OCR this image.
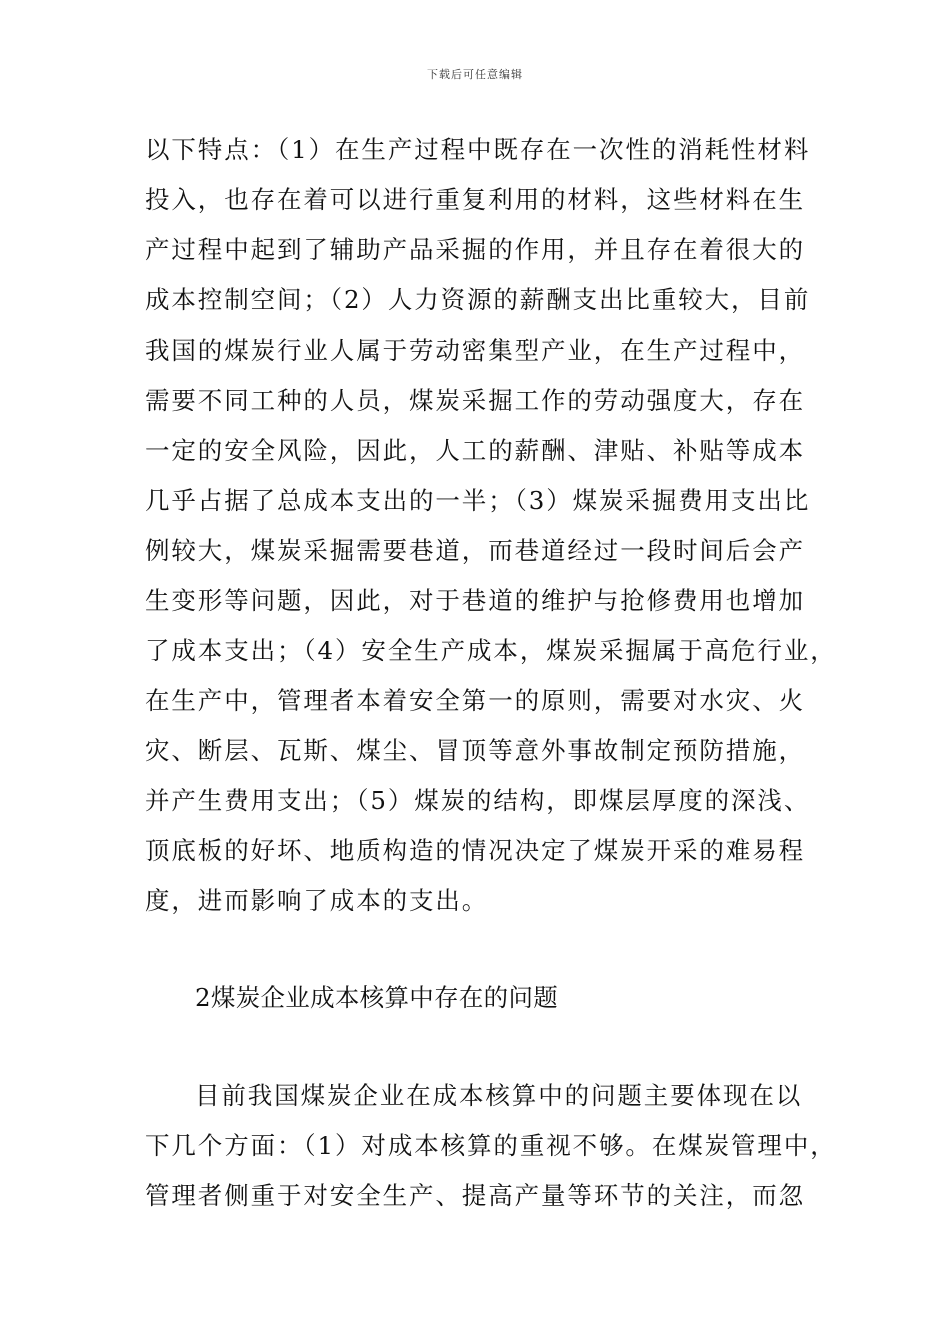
下载后可任意编辑
以下特点：（1）在生产过程中既存在一次性的消耗性材料
投入，也存在着可以进行重复利用的材料，这些材料在生
产过程中起到了辅助产品采掘的作用，并且存在着很大的
成本控制空间；（2）人力资源的薪酬支出比重较大，目前
我国的煤炭行业人属于劳动密集型产业，在生产过程中，
需要不同工种的人员，煤炭采掘工作的劳动强度大，存在
一定的安全风险，因此，人工的薪酬、津贴、补贴等成本
几乎占据了总成本支出的一半；（3）煤炭采掘费用支出比
例较大，煤炭采掘需要巷道，而巷道经过一段时间后会产
生变形等问题，因此，对于巷道的维护与抢修费用也增加
了成本支出；（4）安全生产成本，煤炭采掘属于高危行业，
在生产中，管理者本着安全第一的原则，需要对水灾、火
灾、断层、瓦斯、煤尘、冒顶等意外事故制定预防措施，
并产生费用支出；（5）煤炭的结构，即煤层厚度的深浅、
顶底板的好坏、地质构造的情况决定了煤炭开采的难易程
度，进而影响了成本的支出。
2煤炭企业成本核算中存在的问题
目前我国煤炭企业在成本核算中的问题主要体现在以
下几个方面：（1）对成本核算的重视不够。在煤炭管理中，
管理者侧重于对安全生产、提高产量等环节的关注，而忽
